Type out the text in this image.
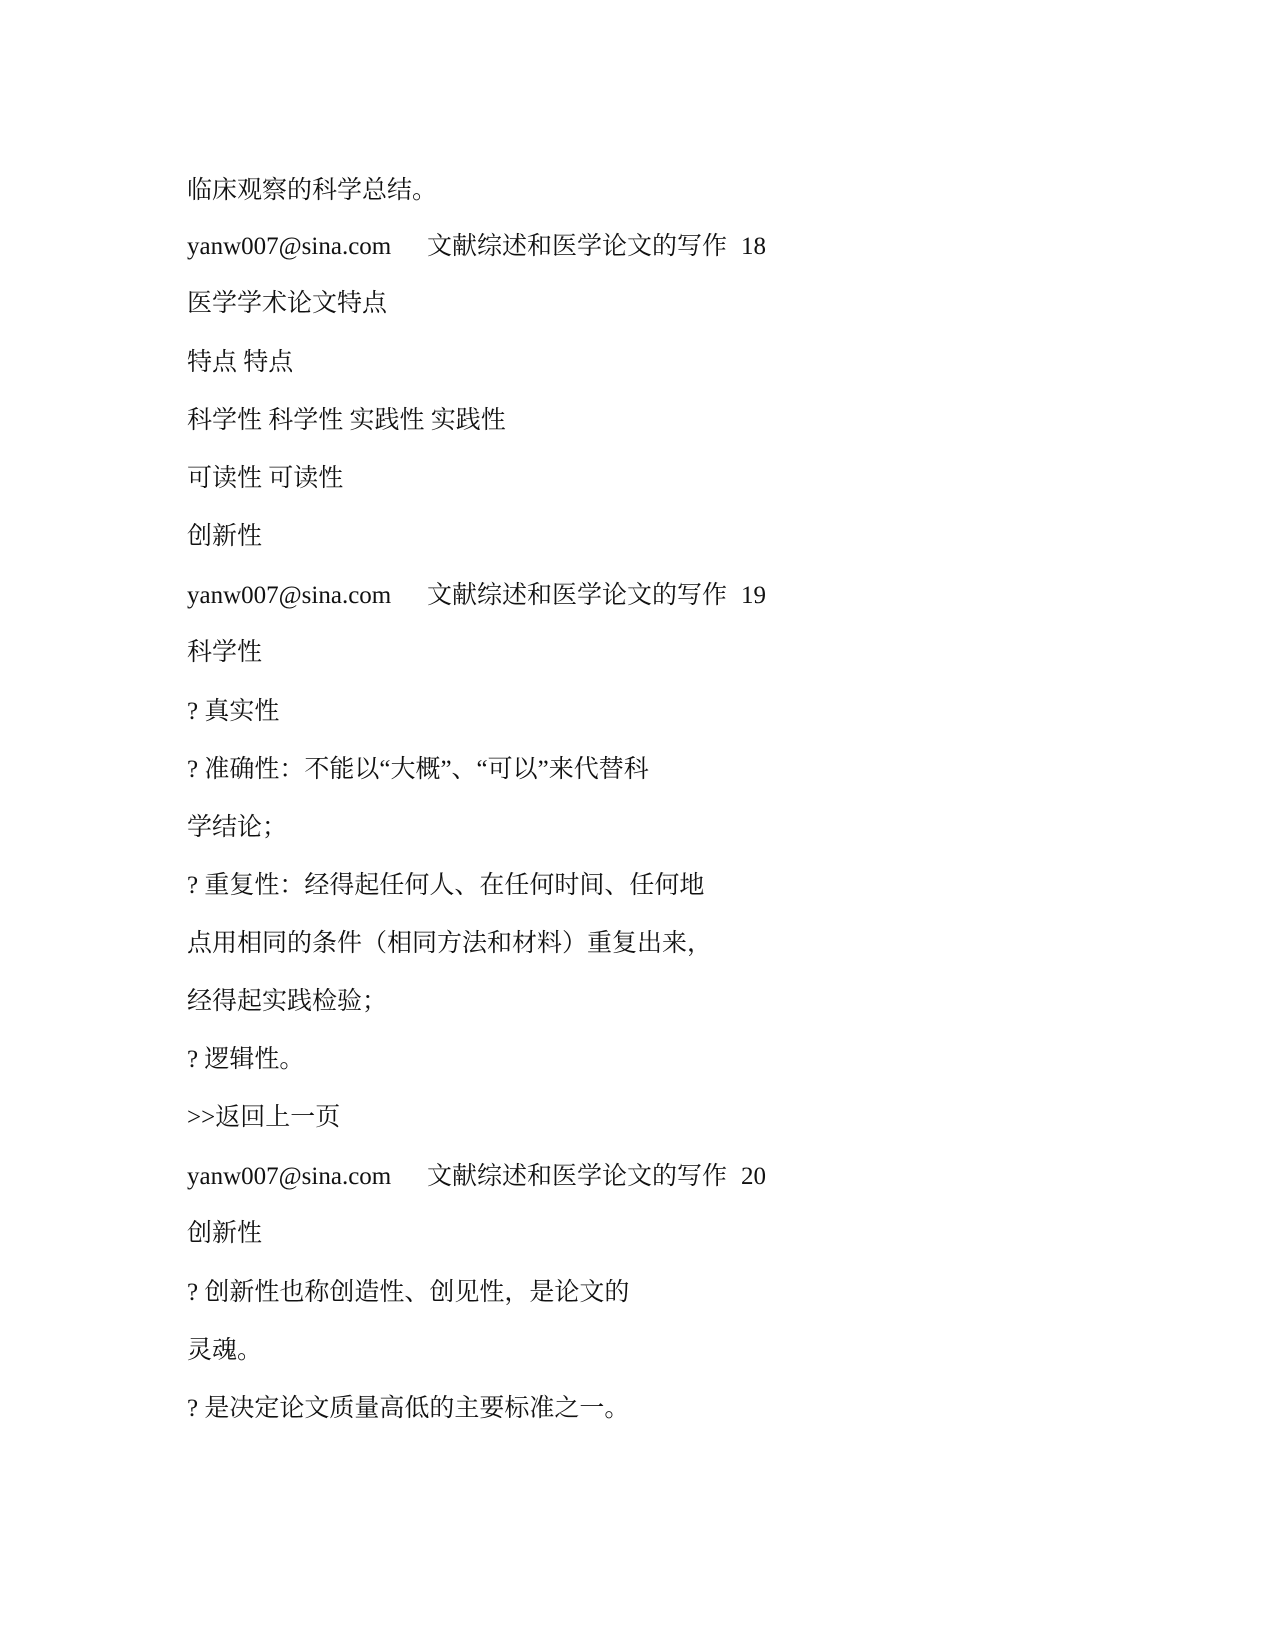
临床观察的科学总结。
yanw007@sina.com 文献综述和医学论文的写作 18
医学学术论文特点
特点 特点
科学性 科学性 实践性 实践性
可读性 可读性
创新性
yanw007@sina.com 文献综述和医学论文的写作 19
科学性
? 真实性
? 准确性：不能以“大概”、“可以”来代替科
学结论；
? 重复性：经得起任何人、在任何时间、任何地
点用相同的条件（相同方法和材料）重复出来，
经得起实践检验；
? 逻辑性。
>>返回上一页
yanw007@sina.com 文献综述和医学论文的写作 20
创新性
? 创新性也称创造性、创见性，是论文的
灵魂。
? 是决定论文质量高低的主要标准之一。
